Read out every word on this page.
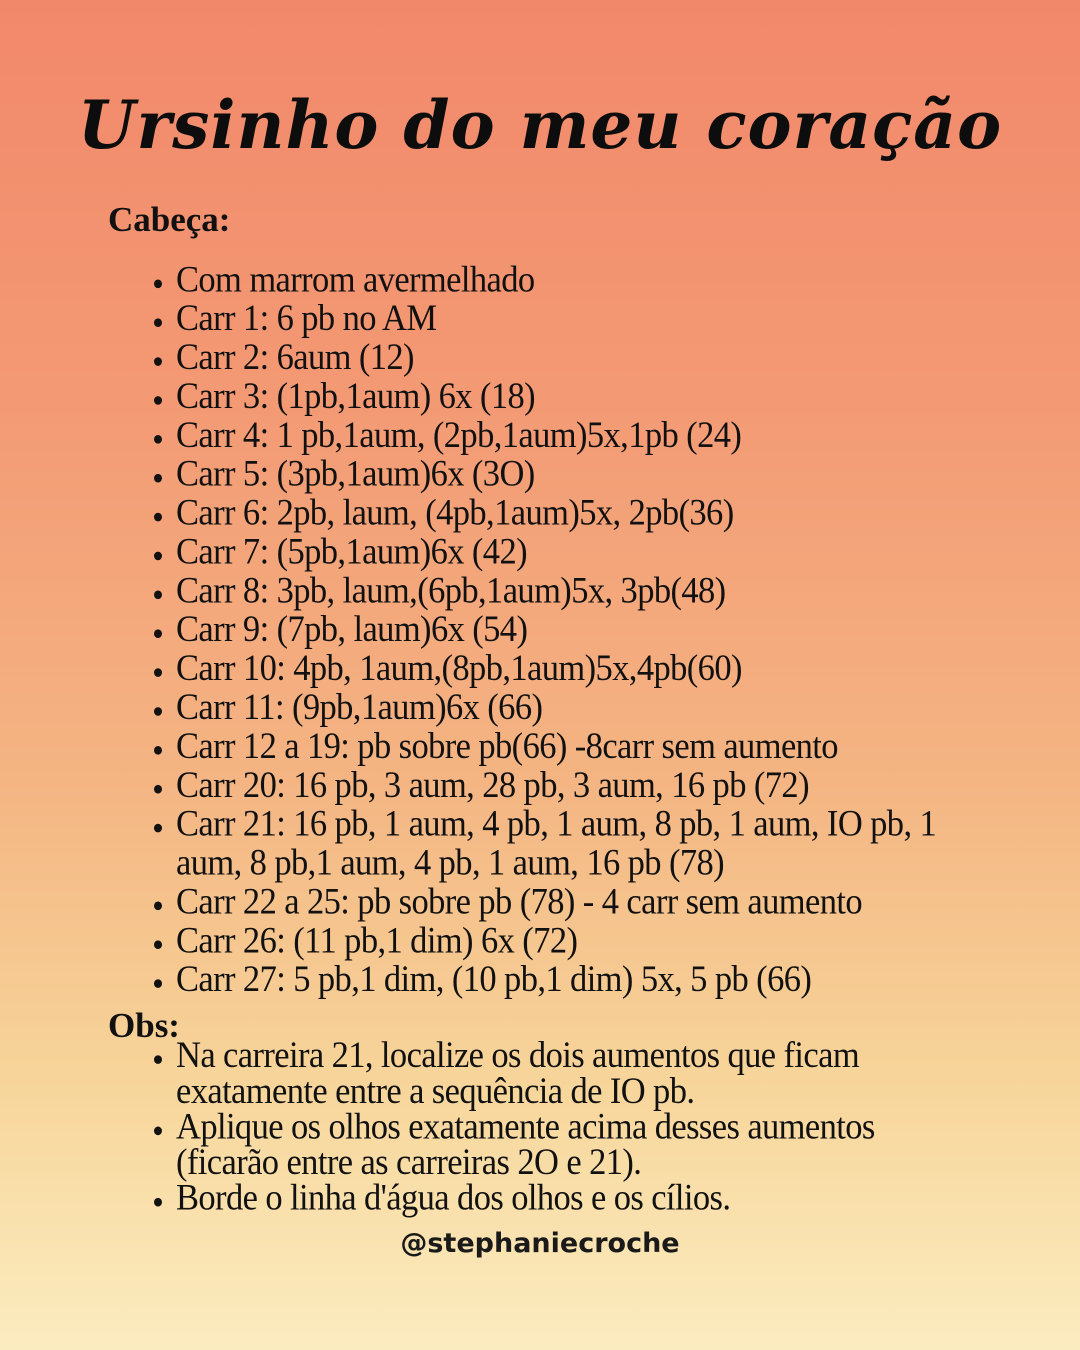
Ursinho do meu coração
Cabeça:
• Com marrom avermelhado
• Carr 1: 6 pb no AM
• Carr 2: 6aum (12)
• Carr 3: (1pb,1aum) 6x (18)
• Carr 4: 1 pb,1aum, (2pb,1aum)5x,1pb (24)
• Carr 5: (3pb,1aum)6x (3O)
• Carr 6: 2pb, laum, (4pb,1aum)5x, 2pb(36)
• Carr 7: (5pb,1aum)6x (42)
• Carr 8: 3pb, laum,(6pb,1aum)5x, 3pb(48)
• Carr 9: (7pb, laum)6x (54)
• Carr 10: 4pb, 1aum,(8pb,1aum)5x,4pb(60)
• Carr 11: (9pb,1aum)6x (66)
• Carr 12 a 19: pb sobre pb(66) -8carr sem aumento
• Carr 20: 16 pb, 3 aum, 28 pb, 3 aum, 16 pb (72)
• Carr 21: 16 pb, 1 aum, 4 pb, 1 aum, 8 pb, 1 aum, IO pb, 1 aum, 8 pb,1 aum, 4 pb, 1 aum, 16 pb (78)
• Carr 22 a 25: pb sobre pb (78) - 4 carr sem aumento
• Carr 26: (11 pb,1 dim) 6x (72)
• Carr 27: 5 pb,1 dim, (10 pb,1 dim) 5x, 5 pb (66)
Obs:
• Na carreira 21, localize os dois aumentos que ficam exatamente entre a sequência de IO pb.
• Aplique os olhos exatamente acima desses aumentos (ficarão entre as carreiras 2O e 21).
• Borde o linha d'água dos olhos e os cílios.
@stephaniecroche
